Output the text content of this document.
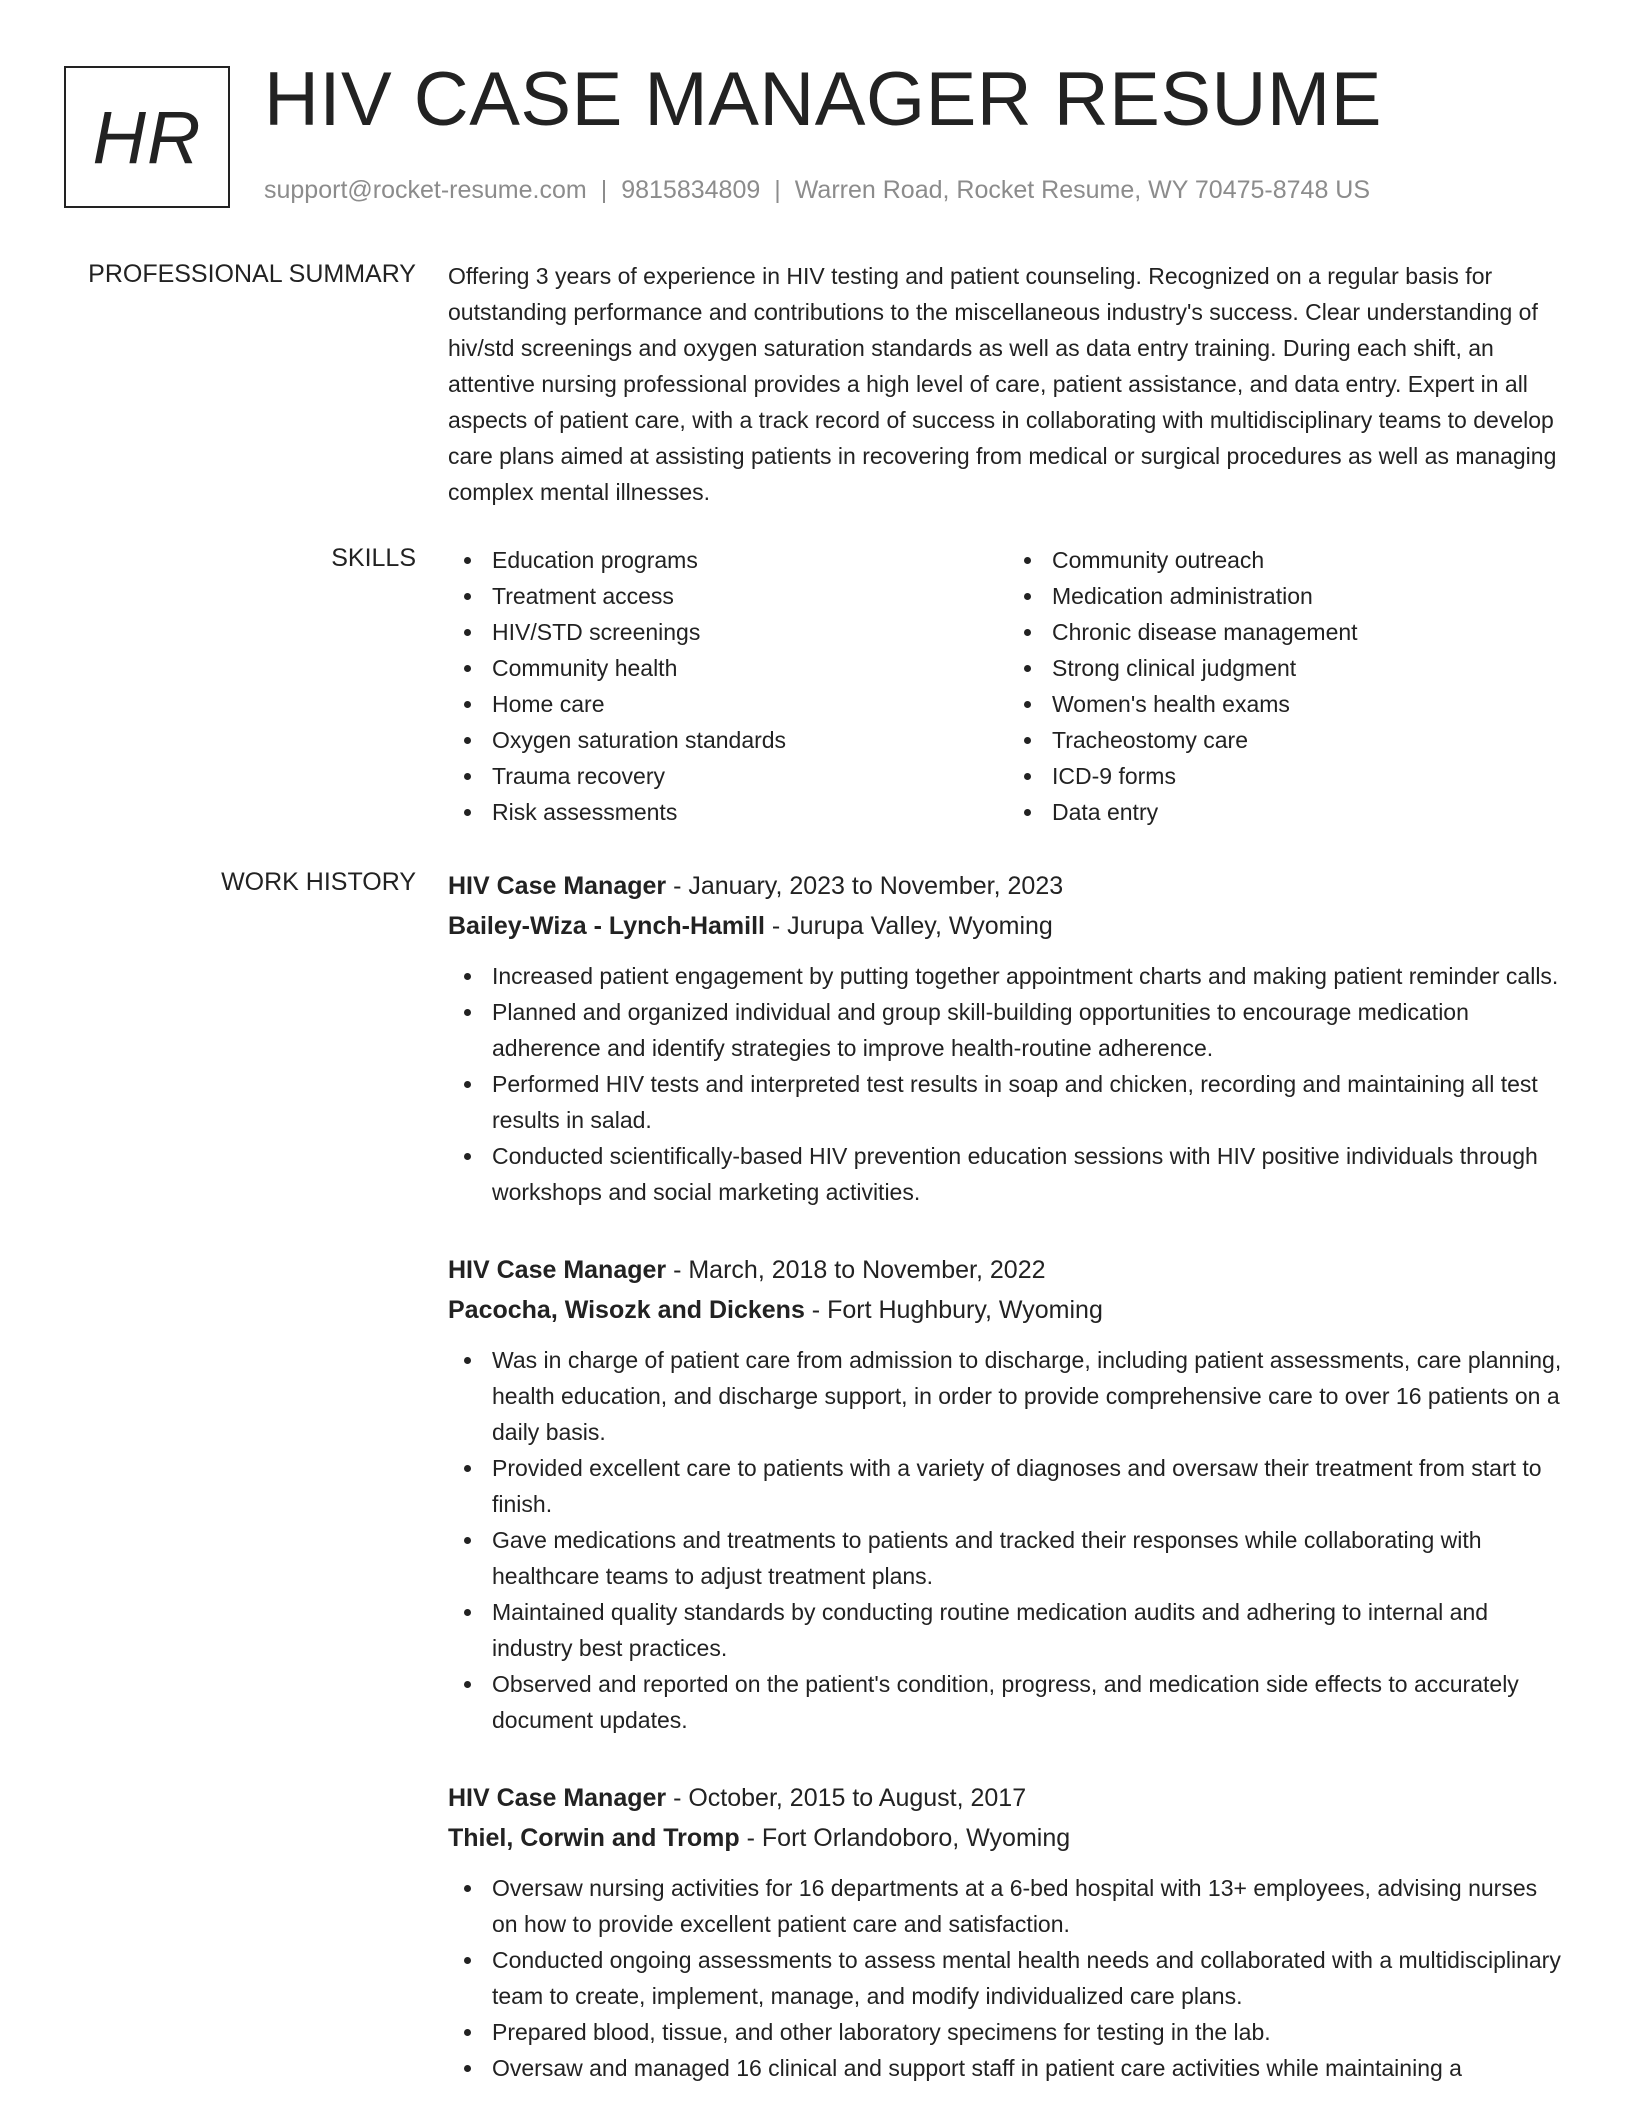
HR HIV CASE MANAGER RESUME
support@rocket-resume.com | 9815834809 | Warren Road, Rocket Resume, WY 70475-8748 US
PROFESSIONAL SUMMARY Offering 3 years of experience in HIV testing and patient counseling. Recognized on a regular basis for outstanding performance and contributions to the miscellaneous industry's success. Clear understanding of hiv/std screenings and oxygen saturation standards as well as data entry training. During each shift, an attentive nursing professional provides a high level of care, patient assistance, and data entry. Expert in all aspects of patient care, with a track record of success in collaborating with multidisciplinary teams to develop care plans aimed at assisting patients in recovering from medical or surgical procedures as well as managing complex mental illnesses.

SKILLS	Education programs
Treatment access
HIV/STD screenings
Community health
Home care
Oxygen saturation standards
Trauma recovery
Risk assessments
Community outreach
Medication administration
Chronic disease management
Strong clinical judgment
Women's health exams
Tracheostomy care
ICD-9 forms
Data entry
WORK HISTORY HIV Case Manager - January, 2023 to November, 2023
Bailey-Wiza - Lynch-Hamill - Jurupa Valley, Wyoming
Increased patient engagement by putting together appointment charts and making patient reminder calls.
Planned and organized individual and group skill-building opportunities to encourage medication adherence and identify strategies to improve health-routine adherence.
Performed HIV tests and interpreted test results in soap and chicken, recording and maintaining all test results in salad.
Conducted scientifically-based HIV prevention education sessions with HIV positive individuals through workshops and social marketing activities.
HIV Case Manager - March, 2018 to November, 2022
Pacocha, Wisozk and Dickens - Fort Hughbury, Wyoming
Was in charge of patient care from admission to discharge, including patient assessments, care planning, health education, and discharge support, in order to provide comprehensive care to over 16 patients on a daily basis.
Provided excellent care to patients with a variety of diagnoses and oversaw their treatment from start to finish.
Gave medications and treatments to patients and tracked their responses while collaborating with healthcare teams to adjust treatment plans.
Maintained quality standards by conducting routine medication audits and adhering to internal and industry best practices.
Observed and reported on the patient's condition, progress, and medication side effects to accurately document updates.
HIV Case Manager - October, 2015 to August, 2017
Thiel, Corwin and Tromp - Fort Orlandoboro, Wyoming
Oversaw nursing activities for 16 departments at a 6-bed hospital with 13+ employees, advising nurses on how to provide excellent patient care and satisfaction.
Conducted ongoing assessments to assess mental health needs and collaborated with a multidisciplinary team to create, implement, manage, and modify individualized care plans.
Prepared blood, tissue, and other laboratory specimens for testing in the lab.
Oversaw and managed 16 clinical and support staff in patient care activities while maintaining a
